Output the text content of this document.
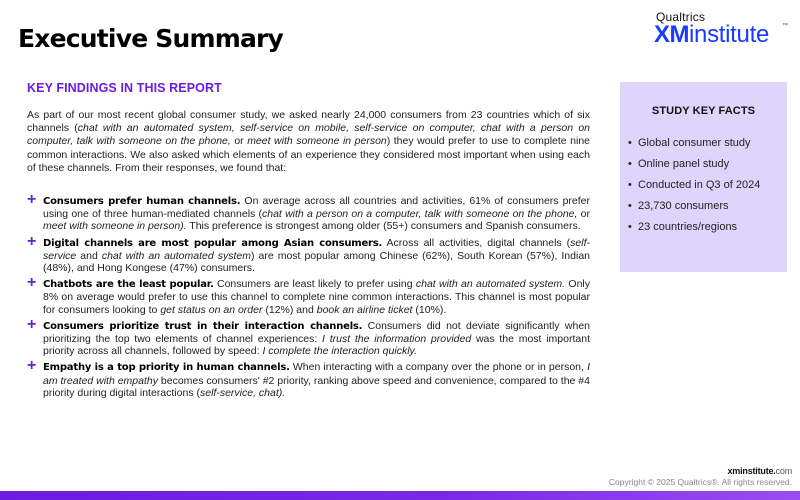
Executive Summary
Qualtrics
XM institute ™
KEY FINDINGS IN THIS REPORT

As part of our most recent global consumer study, we asked nearly 24,000 consumers from 23 countries which of six channels (chat with an automated system, self-service on mobile, self-service on computer, chat with a person on computer, talk with someone on the phone, or meet with someone in person) they would prefer to use to complete nine common interactions. We also asked which elements of an experience they considered most important when using each of these channels. From their responses, we found that:

+ Consumers prefer human channels. On average across all countries and activities, 61% of consumers prefer using one of three human-mediated channels (chat with a person on a computer, talk with someone on the phone, or meet with someone in person). This preference is strongest among older (55+) consumers and Spanish consumers.

+ Digital channels are most popular among Asian consumers. Across all activities, digital channels (self-service and chat with an automated system) are most popular among Chinese (62%), South Korean (57%), Indian (48%), and Hong Kongese (47%) consumers.

+ Chatbots are the least popular. Consumers are least likely to prefer using chat with an automated system. Only 8% on average would prefer to use this channel to complete nine common interactions. This channel is most popular for consumers looking to get status on an order (12%) and book an airline ticket (10%).

+ Consumers prioritize trust in their interaction channels. Consumers did not deviate significantly when prioritizing the top two elements of channel experiences: I trust the information provided was the most important priority across all channels, followed by speed: I complete the interaction quickly.

+ Empathy is a top priority in human channels. When interacting with a company over the phone or in person, I am treated with empathy becomes consumers' #2 priority, ranking above speed and convenience, compared to the #4 priority during digital interactions (self-service, chat).

STUDY KEY FACTS
• Global consumer study
• Online panel study
• Conducted in Q3 of 2024
• 23,730 consumers
• 23 countries/regions
xminstitute.com
Copyright © 2025 Qualtrics®. All rights reserved.
